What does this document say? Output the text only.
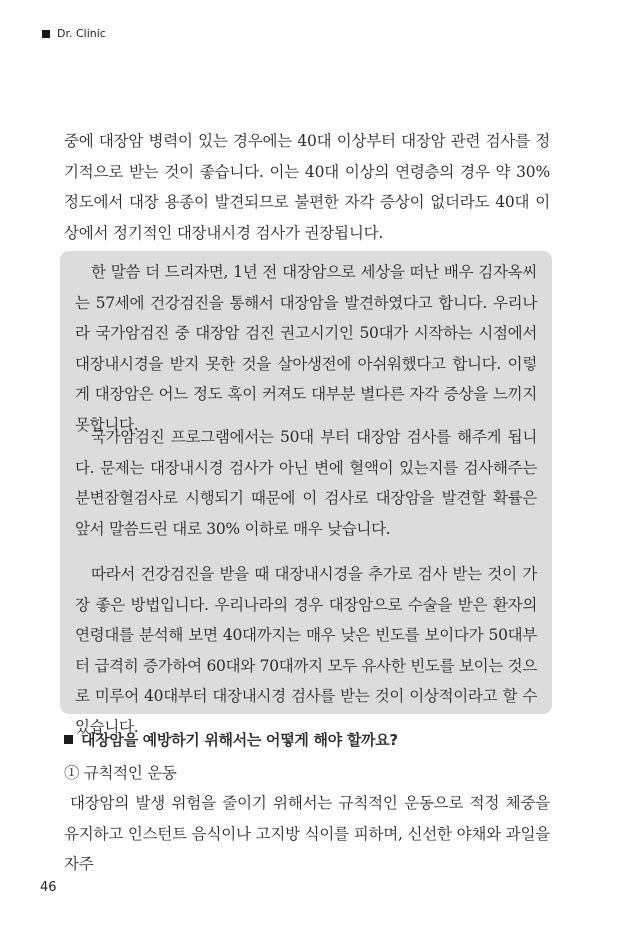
Dr. Clinic

중에 대장암 병력이 있는 경우에는 40대 이상부터 대장암 관련 검사를 정기적으로 받는 것이 좋습니다. 이는 40대 이상의 연령층의 경우 약 30%정도에서 대장 용종이 발견되므로 불편한 자각 증상이 없더라도 40대 이상에서 정기적인 대장내시경 검사가 권장됩니다.

한 말씀 더 드리자면, 1년 전 대장암으로 세상을 떠난 배우 김자옥씨는 57세에 건강검진을 통해서 대장암을 발견하였다고 합니다. 우리나라 국가암검진 중 대장암 검진 권고시기인 50대가 시작하는 시점에서 대장내시경을 받지 못한 것을 살아생전에 아쉬워했다고 합니다. 이렇게 대장암은 어느 정도 혹이 커져도 대부분 별다른 자각 증상을 느끼지 못합니다.

국가암검진 프로그램에서는 50대 부터 대장암 검사를 해주게 됩니다. 문제는 대장내시경 검사가 아닌 변에 혈액이 있는지를 검사해주는 분변잠혈검사로 시행되기 때문에 이 검사로 대장암을 발견할 확률은 앞서 말씀드린 대로 30% 이하로 매우 낮습니다.

따라서 건강검진을 받을 때 대장내시경을 추가로 검사 받는 것이 가장 좋은 방법입니다. 우리나라의 경우 대장암으로 수술을 받은 환자의 연령대를 분석해 보면 40대까지는 매우 낮은 빈도를 보이다가 50대부터 급격히 증가하여 60대와 70대까지 모두 유사한 빈도를 보이는 것으로 미루어 40대부터 대장내시경 검사를 받는 것이 이상적이라고 할 수 있습니다.

대장암을 예방하기 위해서는 어떻게 해야 할까요?
① 규칙적인 운동

대장암의 발생 위험을 줄이기 위해서는 규칙적인 운동으로 적정 체중을 유지하고 인스턴트 음식이나 고지방 식이를 피하며, 신선한 야채와 과일을 자주

46
